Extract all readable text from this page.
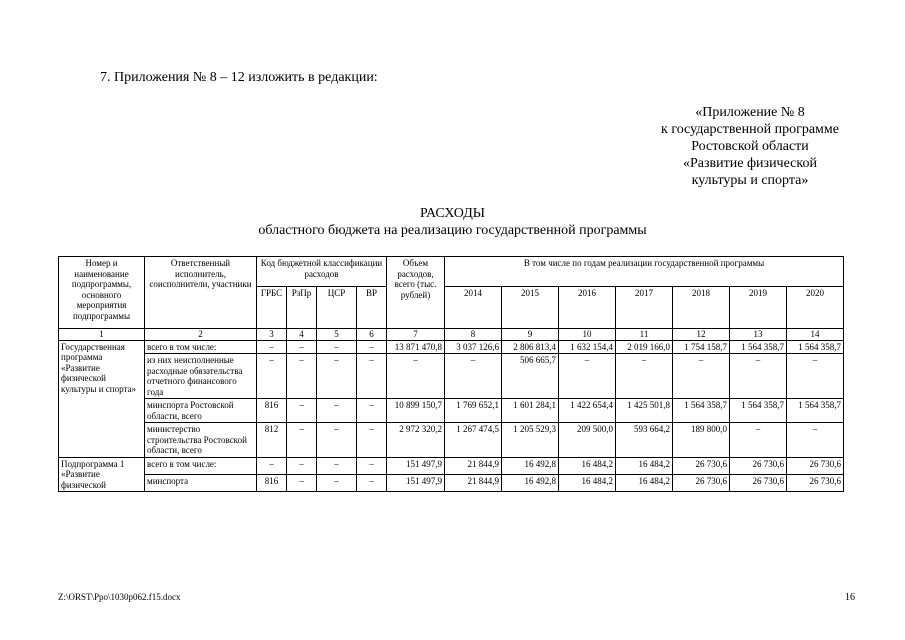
7. Приложения № 8 – 12 изложить в редакции:
«Приложение № 8
к государственной программе
Ростовской области
«Развитие физической
культуры и спорта»
РАСХОДЫ
областного бюджета на реализацию государственной программы
Номер и наименование подпрограммы, основного мероприятия подпрограммы	Ответственный исполнитель, соисполнители, участники	Код бюджетной классификации расходов				Объем расходов, всего (тыс. рублей)	В том числе по годам реализации государственной программы						
		ГРБС	РзПр	ЦСР	ВР		2014	2015	2016	2017	2018	2019	2020
1	2	3	4	5	6	7	8	9	10	11	12	13	14
Государственная программа «Развитие физической культуры и спорта»	всего в том числе:	–	–	–	–	13 871 470,8	3 037 126,6	2 806 813,4	1 632 154,4	2 019 166,0	1 754 158,7	1 564 358,7	1 564 358,7
	из них неисполненные расходные обязательства отчетного финансового года	–	–	–	–	–	–	506 665,7	–	–	–	–	–
	минспорта Ростовской области, всего	816	–	–	–	10 899 150,7	1 769 652,1	1 601 284,1	1 422 654,4	1 425 501,8	1 564 358,7	1 564 358,7	1 564 358,7
	министерство строительства Ростовской области, всего	812	–	–	–	2 972 320,2	1 267 474,5	1 205 529,3	209 500,0	593 664,2	189 800,0	–	–
Подпрограмма 1 «Развитие физической	всего в том числе:	–	–	–	–	151 497,9	21 844,9	16 492,8	16 484,2	16 484,2	26 730,6	26 730,6	26 730,6
	минспорта	816	–	–	–	151 497,9	21 844,9	16 492,8	16 484,2	16 484,2	26 730,6	26 730,6	26 730,6
Z:\ORST\Ppo\1030p062.f15.docx	16
